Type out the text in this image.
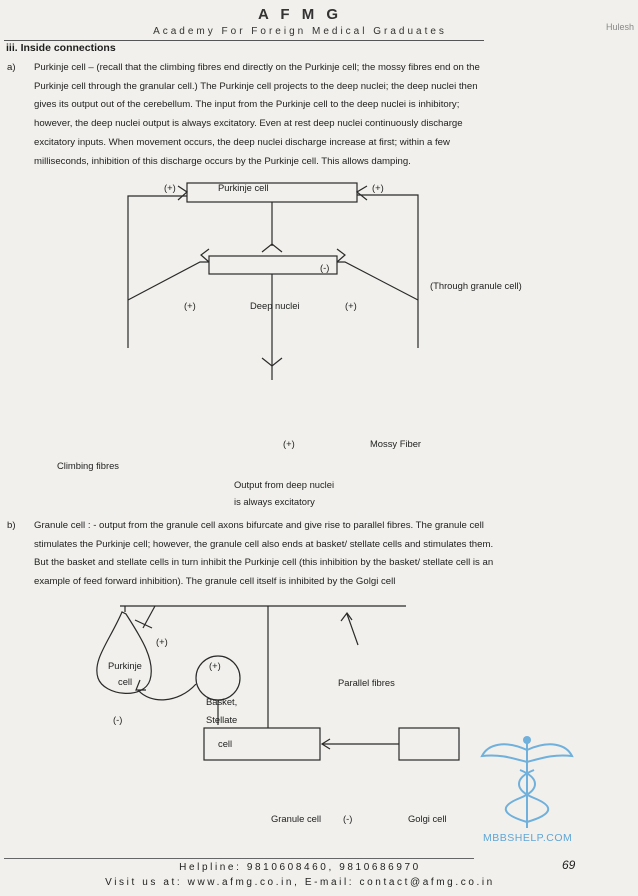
A F M G
Academy For Foreign Medical Graduates	Hulesh
iii. Inside connections
a) Purkinje cell – (recall that the climbing fibres end directly on the Purkinje cell; the mossy fibres end on the
Purkinje cell through the granular cell.) The Purkinje cell projects to the deep nuclei; the deep nuclei then
gives its output out of the cerebellum. The input from the Purkinje cell to the deep nuclei is inhibitory;
however, the deep nuclei output is always excitatory. Even at rest deep nuclei continuously discharge
excitatory inputs. When movement occurs, the deep nuclei discharge increase at first; within a few
milliseconds, inhibition of this discharge occurs by the Purkinje cell. This allows damping.
(+)	Purkinje cell	(+)
(-)
(Through granule cell)
(+)	Deep nuclei	(+)
(+)	Mossy Fiber
Climbing fibres
Output from deep nuclei
is always excitatory
b) Granule cell : - output from the granule cell axons bifurcate and give rise to parallel fibres. The granule cell
stimulates the Purkinje cell; however, the granule cell also ends at basket/ stellate cells and stimulates them.
But the basket and stellate cells in turn inhibit the Purkinje cell (this inhibition by the basket/ stellate cell is an
example of feed forward inhibition). The granule cell itself is inhibited by the Golgi cell
(+)
Purkinje
cell
(+)
Basket,
Stellate
cell
(-)
Parallel fibres
Granule cell (-)	Golgi cell
MBBSHELP.COM
Helpline: 9810608460, 9810686970
Visit us at: www.afmg.co.in, E-mail: contact@afmg.co.in
69
